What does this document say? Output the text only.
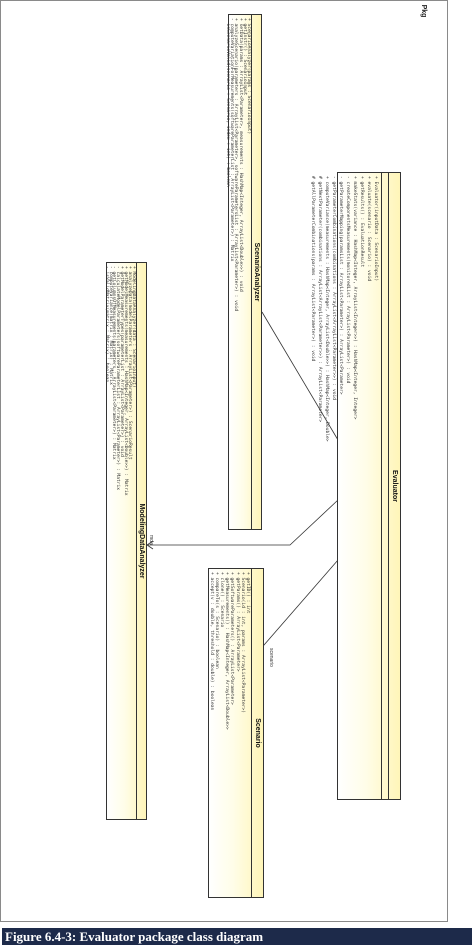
Pkg
scenario
mda
Evaluator
+ Evaluator(inputData : ScenarioInput)
+ evaluate(scenario : Scenario) : void
+ getResults() : EvaluationResult
+ makeStats(variance : HashMap<Integer, ArrayList<Integer>>) : HashMap<Integer, Integer>
- createComponentsMeasurements(monitoredList : ArrayList<Parameter>) : void
- getParameterMapping(paramsList : ArrayList<Parameter>) : ArrayList<Parameter>
- getParameterCombinations(combinations : ArrayList<ArrayList<Parameter>>) : void
+ computeVariance(measurements : HashMap<Integer, ArrayList<Double>>) : HashMap<Integer, Double>
# getNextParameter(combinations : ArrayList<ArrayList<Parameter>>) : ArrayList<Parameter>
# getAllParameterCombinations(params : ArrayList<Parameter>) : void
ScenarioAnalyzer
+ ScenarioAnalyzer(params : ScenarioInput)
+ getInstr() : ScenarioInput
+ setData(params : ArrayList<Parameter>, measurements : HashMap<Integer, ArrayList<Double>>) : void
+ analyzeScenario(parameters : ArrayList<Parameter>, softwareParametersList : ArrayList<Parameter>) : void
- computeVariationForMeasurements(softwareParameterList : ArrayList<Parameter>) : Matrix
- isScenarioValid(scenario : Scenario, index : int) : boolean
ModelingDataAnalyzer
+ ModelingDataAnalyzer(data : ScenarioInput)
+ analyzeData(modelParameters : ArrayList<Parameter>) : ScenarioResult
+ getModelMeasurements(measurements : HashMap<Integer, ArrayList<Double>>) : Matrix
+ getModelParameterTypes(parameterList : ArrayList<Parameter>) : void
- calculateModelParameters(softwareParameterList : ArrayList<Parameter>) : Matrix
- getColumnsOfMeasurements(parameters : ArrayList<Parameter>) : Matrix
- computeVariance(matrix : Matrix) : Matrix
- isValidMatrix(matrix : Matrix) : boolean
Scenario
+ getID() : int
+ Scenario(id : int, params : ArrayList<Parameter>)
+ getParams() : ArrayList<Parameter>
+ getSoftwareParameters() : ArrayList<Parameter>
+ getMeasurements() : HashMap<Integer, ArrayList<Double>>
+ clone() : Scenario
+ compareTo(s : Scenario) : boolean
+ accept(v : double, threshold : double) : boolean
Figure 6.4-3: Evaluator package class diagram
